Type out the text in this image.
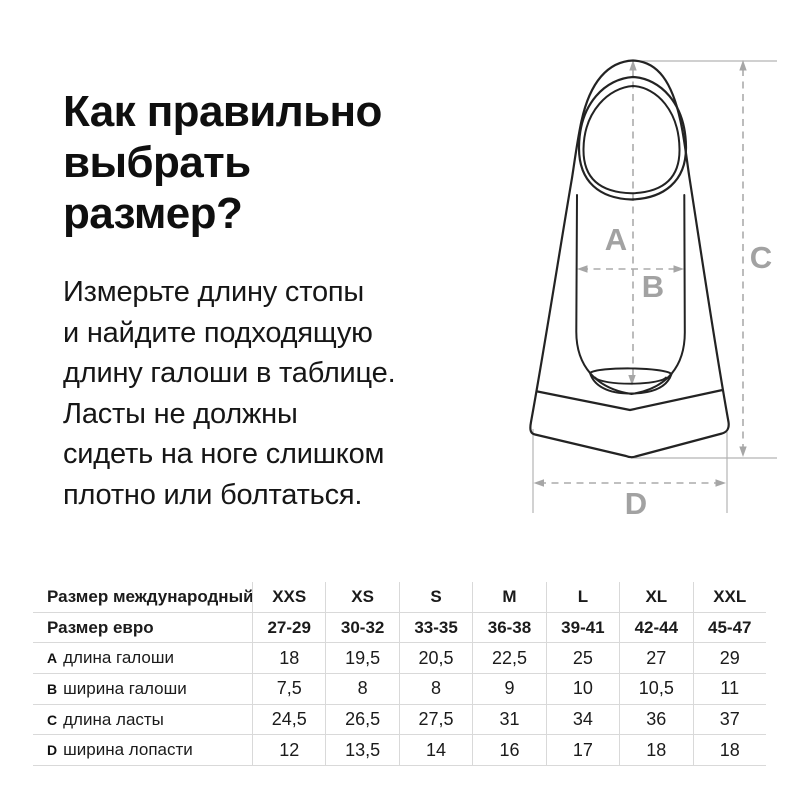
Как правильно
выбрать
размер?
Измерьте длину стопы
и найдите подходящую
длину галоши в таблице.
Ласты не должны
сидеть на ноге слишком
плотно или болтаться.
A
B
C
D
Размер международный	XXS	XS	S	M	L	XL	XXL
Размер евро	27-29	30-32	33-35	36-38	39-41	42-44	45-47
A длина галоши	18	19,5	20,5	22,5	25	27	29
B ширина галоши	7,5	8	8	9	10	10,5	11
C длина ласты	24,5	26,5	27,5	31	34	36	37
D ширина лопасти	12	13,5	14	16	17	18	18
